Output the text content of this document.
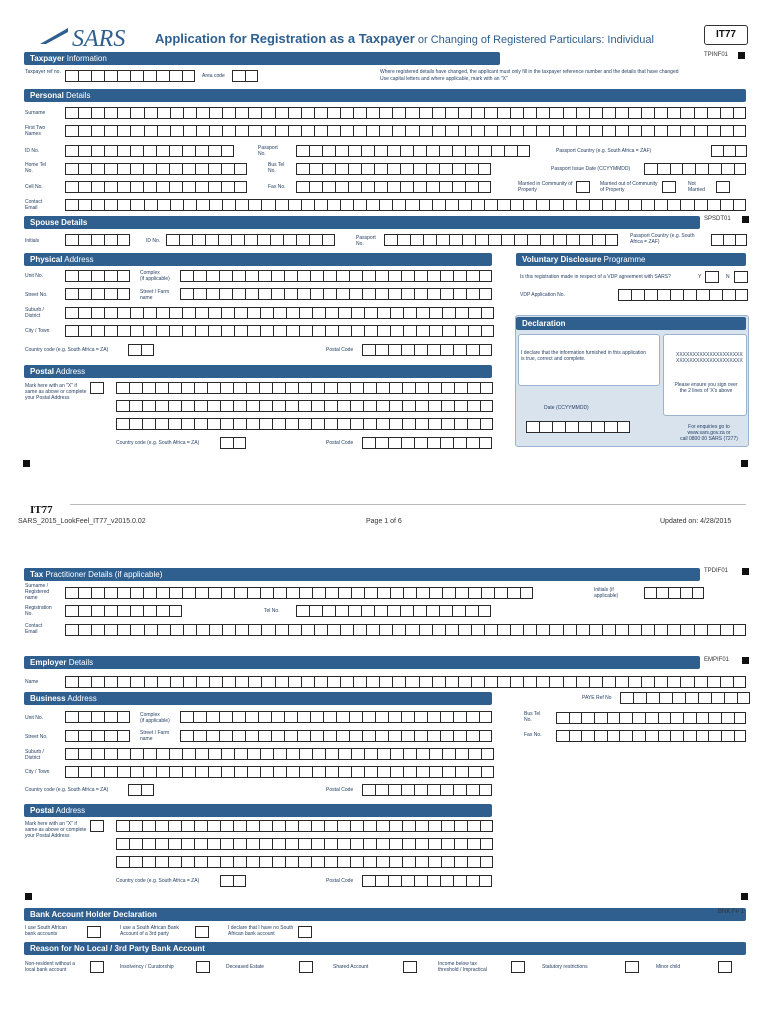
SARS Application for Registration as a Taxpayer or Changing of Registered Particulars: Individual	IT77
Taxpayer Information	TPINF01
Taxpayer ref no.
Area code
Where registered details have changed, the applicant must only fill in the taxpayer reference number and the details that have changed
Use capital letters and where applicable, mark with an "X"
Personal Details
Surname
First Two Names
ID No.	Passport No.	Passport Country (e.g. South Africa = ZAF)
Home Tel No.
Bus Tel No.	Passport Issue Date (CCYYMMDD)
Cell No.	Fax No.	Married in Community of Property
Married out of Community of Property
Not Married
Contact Email
Spouse Details	SPSDT01
Initials	ID No.	Passport No.
Passport Country (e.g. South Africa = ZAF)
Physical Address
Unit No.	Complex
(if applicable)
Street No.	Street / Farm name
Suburb / District
City / Town
Country code (e.g. South Africa = ZA)	Postal Code
Voluntary Disclosure Programme
Is this registration made in respect of a VDP agreement with SARS?	Y	N
VDP Application No.
Declaration
I declare that the information furnished in this application is true, correct and complete.
XXXXXXXXXXXXXXXXXXXX
XXXXXXXXXXXXXXXXXXXX
Please ensure you sign over the 2 lines of 'X's above
Date (CCYYMMDD)
For enquiries go to
www.sars.gov.za or
call 0800 00 SARS (7277)
Postal Address
Mark here with an "X" if same as above or complete your Postal Address
Country code (e.g. South Africa = ZA)	Postal Code
IT77
SARS_2015_LookFeel_IT77_v2015.0.02	Page 1 of 6	Updated on: 4/28/2015
Tax Practitioner Details (if applicable)	TPDIF01
Surname / Registered name
Initials (if applicable)
Registration No.	Tel No.
Contact Email
Employer Details	EMPIF01
Name
Business Address	PAYE Ref No
Unit No.	Complex
(if applicable)
Bus Tel No.
Street No.
Street / Farm name
Fax No.
Suburb / District
City / Town
Country code (e.g. South Africa = ZA)	Postal Code
Postal Address
Mark here with an "X" if same as above or complete your Postal Address
Country code (e.g. South Africa = ZA)	Postal Code
Bank Account Holder Declaration	BNK F# 1
I use South African bank accounts
I use a South African Bank Account of a 3rd party
I declare that I have no South African bank account
Reason for No Local / 3rd Party Bank Account
Non-resident without a local bank account	Insolvency / Curatorship	Deceased Estate	Shared Account	Income below tax threshold / Impractical	Statutory restrictions	Minor child
